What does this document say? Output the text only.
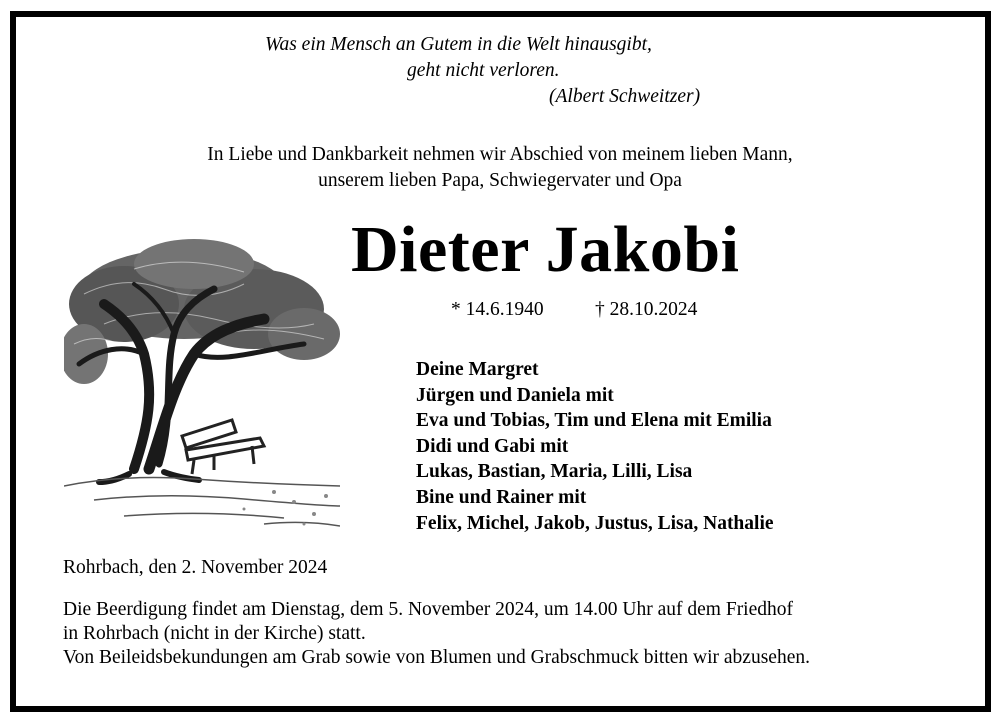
Was ein Mensch an Gutem in die Welt hinausgibt,
geht nicht verloren.
(Albert Schweitzer)
In Liebe und Dankbarkeit nehmen wir Abschied von meinem lieben Mann,
unserem lieben Papa, Schwiegervater und Opa
Dieter Jakobi
* 14.6.1940	† 28.10.2024
Deine Margret
Jürgen und Daniela mit
Eva und Tobias, Tim und Elena mit Emilia
Didi und Gabi mit
Lukas, Bastian, Maria, Lilli, Lisa
Bine und Rainer mit
Felix, Michel, Jakob, Justus, Lisa, Nathalie
Rohrbach, den 2. November 2024
Die Beerdigung findet am Dienstag, dem 5. November 2024, um 14.00 Uhr auf dem Friedhof
in Rohrbach (nicht in der Kirche) statt.
Von Beileidsbekundungen am Grab sowie von Blumen und Grabschmuck bitten wir abzusehen.
